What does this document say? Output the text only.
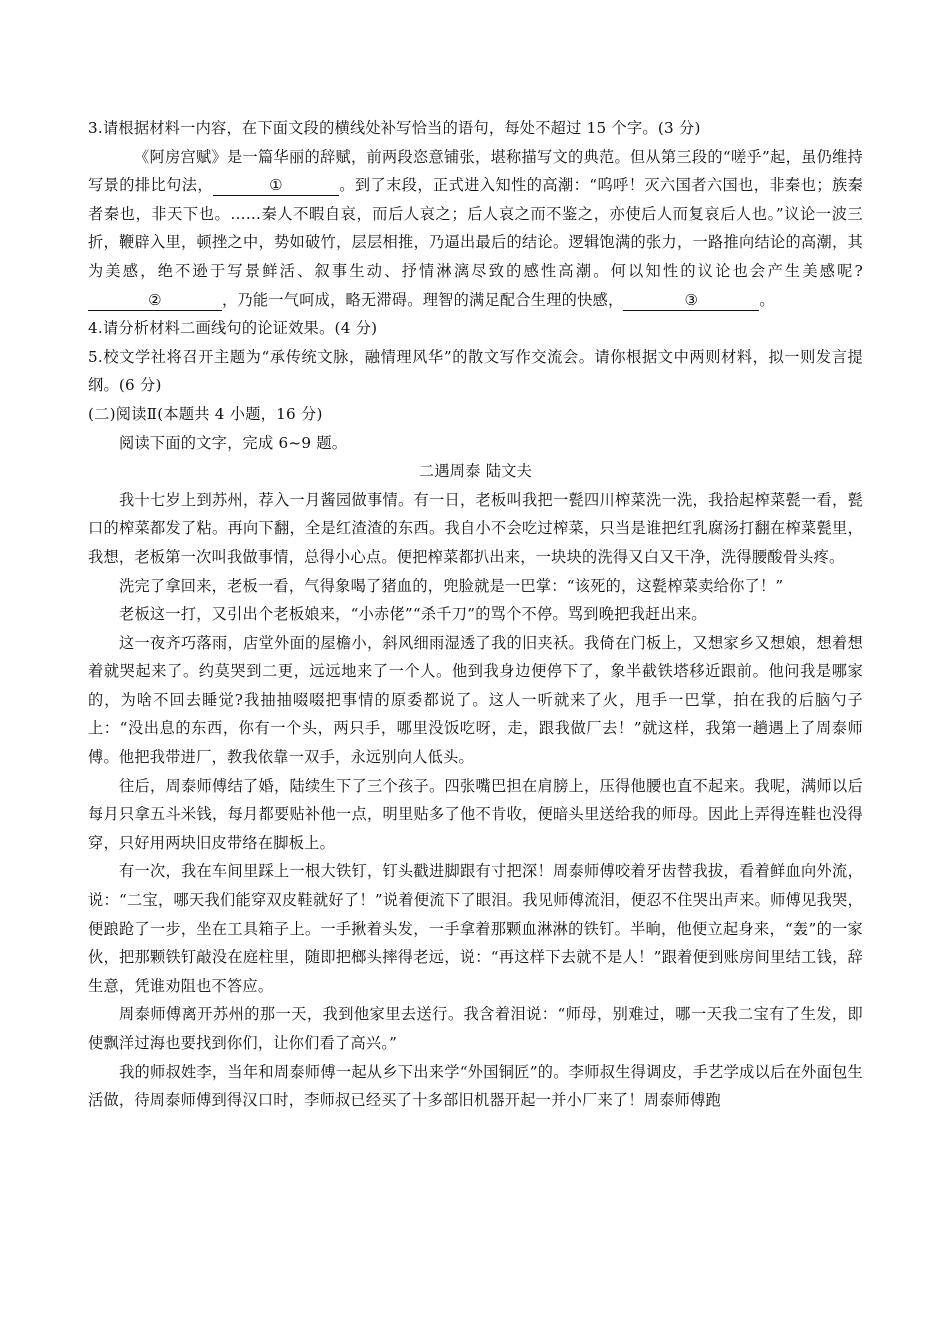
3.请根据材料一内容，在下面文段的横线处补写恰当的语句，每处不超过 15 个字。(3 分)

《阿房宫赋》是一篇华丽的辞赋，前两段恣意铺张，堪称描写文的典范。但从第三段的“嗟乎”起，虽仍维持写景的排比句法，	①	。到了末段，正式进入知性的高潮：“呜呼！灭六国者六国也，非秦也；族秦者秦也，非天下也。……秦人不暇自哀，而后人哀之；后人哀之而不鉴之，亦使后人而复哀后人也。”议论一波三折，鞭辟入里，顿挫之中，势如破竹，层层相推，乃逼出最后的结论。逻辑饱满的张力，一路推向结论的高潮，其为美感，绝不逊于写景鲜活、叙事生动、抒情淋漓尽致的感性高潮。何以知性的议论也会产生美感呢?②	，乃能一气呵成，略无滞碍。理智的满足配合生理的快感，	③	。

4.请分析材料二画线句的论证效果。(4 分)

5.校文学社将召开主题为“承传统文脉，融情理风华”的散文写作交流会。请你根据文中两则材料，拟一则发言提纲。(6 分)

(二)阅读Ⅱ(本题共 4 小题，16 分)

阅读下面的文字，完成 6~9 题。

二遇周泰 陆文夫

我十七岁上到苏州，荐入一月酱园做事情。有一日，老板叫我把一甏四川榨菜洗一洗，我拾起榨菜甏一看，甏口的榨菜都发了粘。再向下翻，全是红渣渣的东西。我自小不会吃过榨菜，只当是谁把红乳腐汤打翻在榨菜甏里，我想，老板第一次叫我做事情，总得小心点。便把榨菜都扒出来，一块块的洗得又白又干净，洗得腰酸骨头疼。

洗完了拿回来，老板一看，气得象喝了猪血的，兜脸就是一巴掌：“该死的，这甏榨菜卖给你了！”

老板这一打，又引出个老板娘来，“小赤佬”“杀千刀”的骂个不停。骂到晚把我赶出来。

这一夜齐巧落雨，店堂外面的屋檐小，斜风细雨湿透了我的旧夹袄。我倚在门板上，又想家乡又想娘，想着想着就哭起来了。约莫哭到二更，远远地来了一个人。他到我身边便停下了，象半截铁塔移近跟前。他问我是哪家的，为啥不回去睡觉?我抽抽啜啜把事情的原委都说了。这人一听就来了火，甩手一巴掌，拍在我的后脑勺子上：“没出息的东西，你有一个头，两只手，哪里没饭吃呀，走，跟我做厂去！”就这样，我第一趟遇上了周泰师傅。他把我带进厂，教我依靠一双手，永远别向人低头。

往后，周泰师傅结了婚，陆续生下了三个孩子。四张嘴巴担在肩膀上，压得他腰也直不起来。我呢，满师以后每月只拿五斗米钱，每月都要贴补他一点，明里贴多了他不肯收，便暗头里送给我的师母。因此上弄得连鞋也没得穿，只好用两块旧皮带络在脚板上。

有一次，我在车间里踩上一根大铁钉，钉头戳进脚跟有寸把深！周泰师傅咬着牙齿替我拔，看着鲜血向外流，说：“二宝，哪天我们能穿双皮鞋就好了！”说着便流下了眼泪。我见师傅流泪，便忍不住哭出声来。师傅见我哭，便踉跄了一步，坐在工具箱子上。一手揪着头发，一手拿着那颗血淋淋的铁钉。半晌，他便立起身来，“轰”的一家伙，把那颗铁钉敲没在庭柱里，随即把榔头摔得老远，说：“再这样下去就不是人！”跟着便到账房间里结工钱，辞生意，凭谁劝阻也不答应。

周泰师傅离开苏州的那一天，我到他家里去送行。我含着泪说：“师母，别难过，哪一天我二宝有了生发，即使飘洋过海也要找到你们，让你们看了高兴。”

我的师叔姓李，当年和周泰师傅一起从乡下出来学“外国铜匠”的。李师叔生得调皮，手艺学成以后在外面包生活做，待周泰师傅到得汉口时，李师叔已经买了十多部旧机器开起一并小厂来了！周泰师傅跑
